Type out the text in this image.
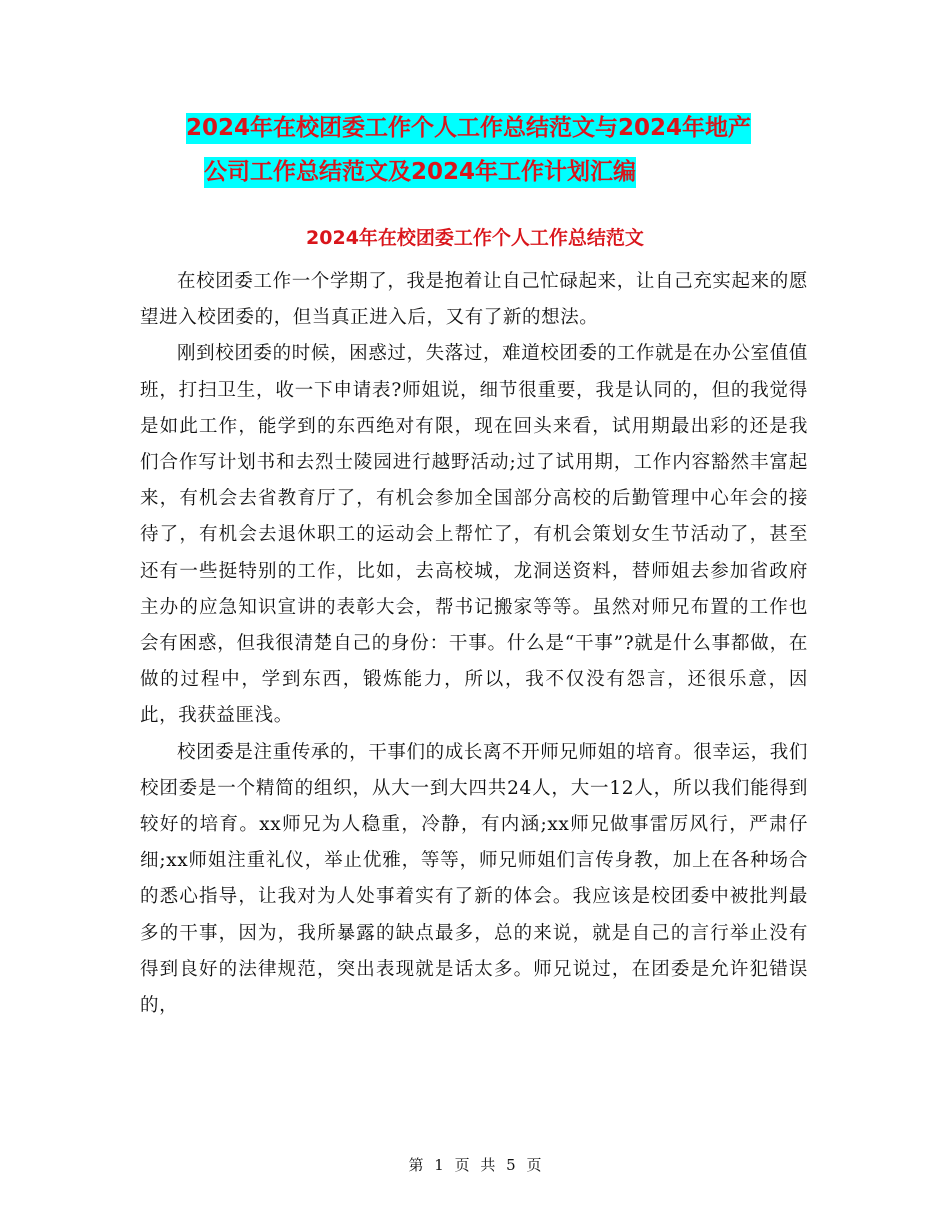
2024年在校团委工作个人工作总结范文与2024年地产
公司工作总结范文及2024年工作计划汇编
2024年在校团委工作个人工作总结范文

在校团委工作一个学期了，我是抱着让自己忙碌起来，让自己充实起来的愿望进入校团委的，但当真正进入后，又有了新的想法。

刚到校团委的时候，困惑过，失落过，难道校团委的工作就是在办公室值值班，打扫卫生，收一下申请表?师姐说，细节很重要，我是认同的，但的我觉得是如此工作，能学到的东西绝对有限，现在回头来看，试用期最出彩的还是我们合作写计划书和去烈士陵园进行越野活动;过了试用期，工作内容豁然丰富起来，有机会去省教育厅了，有机会参加全国部分高校的后勤管理中心年会的接待了，有机会去退休职工的运动会上帮忙了，有机会策划女生节活动了，甚至还有一些挺特别的工作，比如，去高校城，龙洞送资料，替师姐去参加省政府主办的应急知识宣讲的表彰大会，帮书记搬家等等。虽然对师兄布置的工作也会有困惑，但我很清楚自己的身份：干事。什么是“干事”?就是什么事都做，在做的过程中，学到东西，锻炼能力，所以，我不仅没有怨言，还很乐意，因此，我获益匪浅。

校团委是注重传承的，干事们的成长离不开师兄师姐的培育。很幸运，我们校团委是一个精简的组织，从大一到大四共24人，大一12人，所以我们能得到较好的培育。xx师兄为人稳重，冷静，有内涵;xx师兄做事雷厉风行，严肃仔细;xx师姐注重礼仪，举止优雅，等等，师兄师姐们言传身教，加上在各种场合的悉心指导，让我对为人处事着实有了新的体会。我应该是校团委中被批判最多的干事，因为，我所暴露的缺点最多，总的来说，就是自己的言行举止没有得到良好的法律规范，突出表现就是话太多。师兄说过，在团委是允许犯错误的，

第 1 页 共 5 页
